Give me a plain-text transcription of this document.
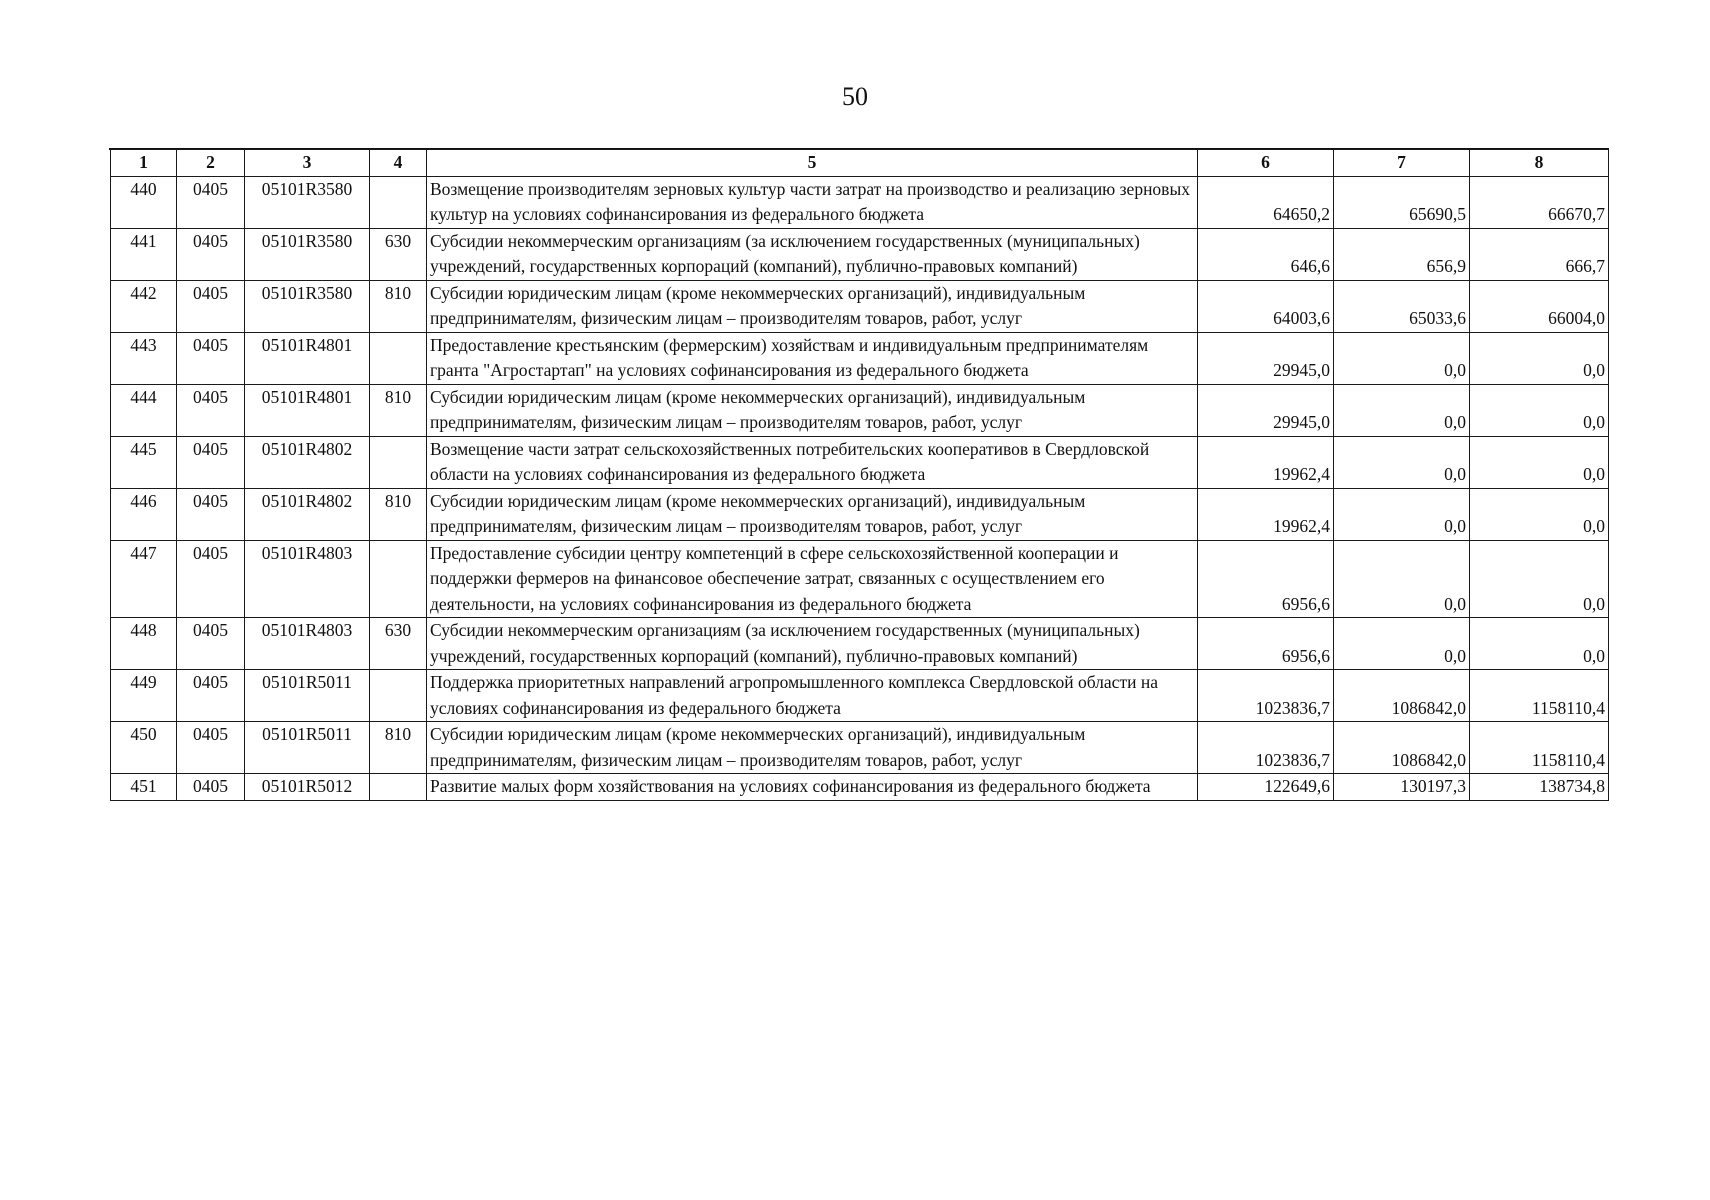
50
1	2	3	4	5	6	7	8
440	0405	05101R3580		Возмещение производителям зерновых культур части затрат на производство и реализацию зерновых культур на условиях софинансирования из федерального бюджета	64650,2	65690,5	66670,7
441	0405	05101R3580	630	Субсидии некоммерческим организациям (за исключением государственных (муниципальных) учреждений, государственных корпораций (компаний), публично-правовых компаний)	646,6	656,9	666,7
442	0405	05101R3580	810	Субсидии юридическим лицам (кроме некоммерческих организаций), индивидуальным предпринимателям, физическим лицам – производителям товаров, работ, услуг	64003,6	65033,6	66004,0
443	0405	05101R4801		Предоставление крестьянским (фермерским) хозяйствам и индивидуальным предпринимателям гранта "Агростартап" на условиях софинансирования из федерального бюджета	29945,0	0,0	0,0
444	0405	05101R4801	810	Субсидии юридическим лицам (кроме некоммерческих организаций), индивидуальным предпринимателям, физическим лицам – производителям товаров, работ, услуг	29945,0	0,0	0,0
445	0405	05101R4802		Возмещение части затрат сельскохозяйственных потребительских кооперативов в Свердловской области на условиях софинансирования из федерального бюджета	19962,4	0,0	0,0
446	0405	05101R4802	810	Субсидии юридическим лицам (кроме некоммерческих организаций), индивидуальным предпринимателям, физическим лицам – производителям товаров, работ, услуг	19962,4	0,0	0,0
447	0405	05101R4803		Предоставление субсидии центру компетенций в сфере сельскохозяйственной кооперации и поддержки фермеров на финансовое обеспечение затрат, связанных с осуществлением его деятельности, на условиях софинансирования из федерального бюджета	6956,6	0,0	0,0
448	0405	05101R4803	630	Субсидии некоммерческим организациям (за исключением государственных (муниципальных) учреждений, государственных корпораций (компаний), публично-правовых компаний)	6956,6	0,0	0,0
449	0405	05101R5011		Поддержка приоритетных направлений агропромышленного комплекса Свердловской области на условиях софинансирования из федерального бюджета	1023836,7	1086842,0	1158110,4
450	0405	05101R5011	810	Субсидии юридическим лицам (кроме некоммерческих организаций), индивидуальным предпринимателям, физическим лицам – производителям товаров, работ, услуг	1023836,7	1086842,0	1158110,4
451	0405	05101R5012		Развитие малых форм хозяйствования на условиях софинансирования из федерального бюджета	122649,6	130197,3	138734,8
